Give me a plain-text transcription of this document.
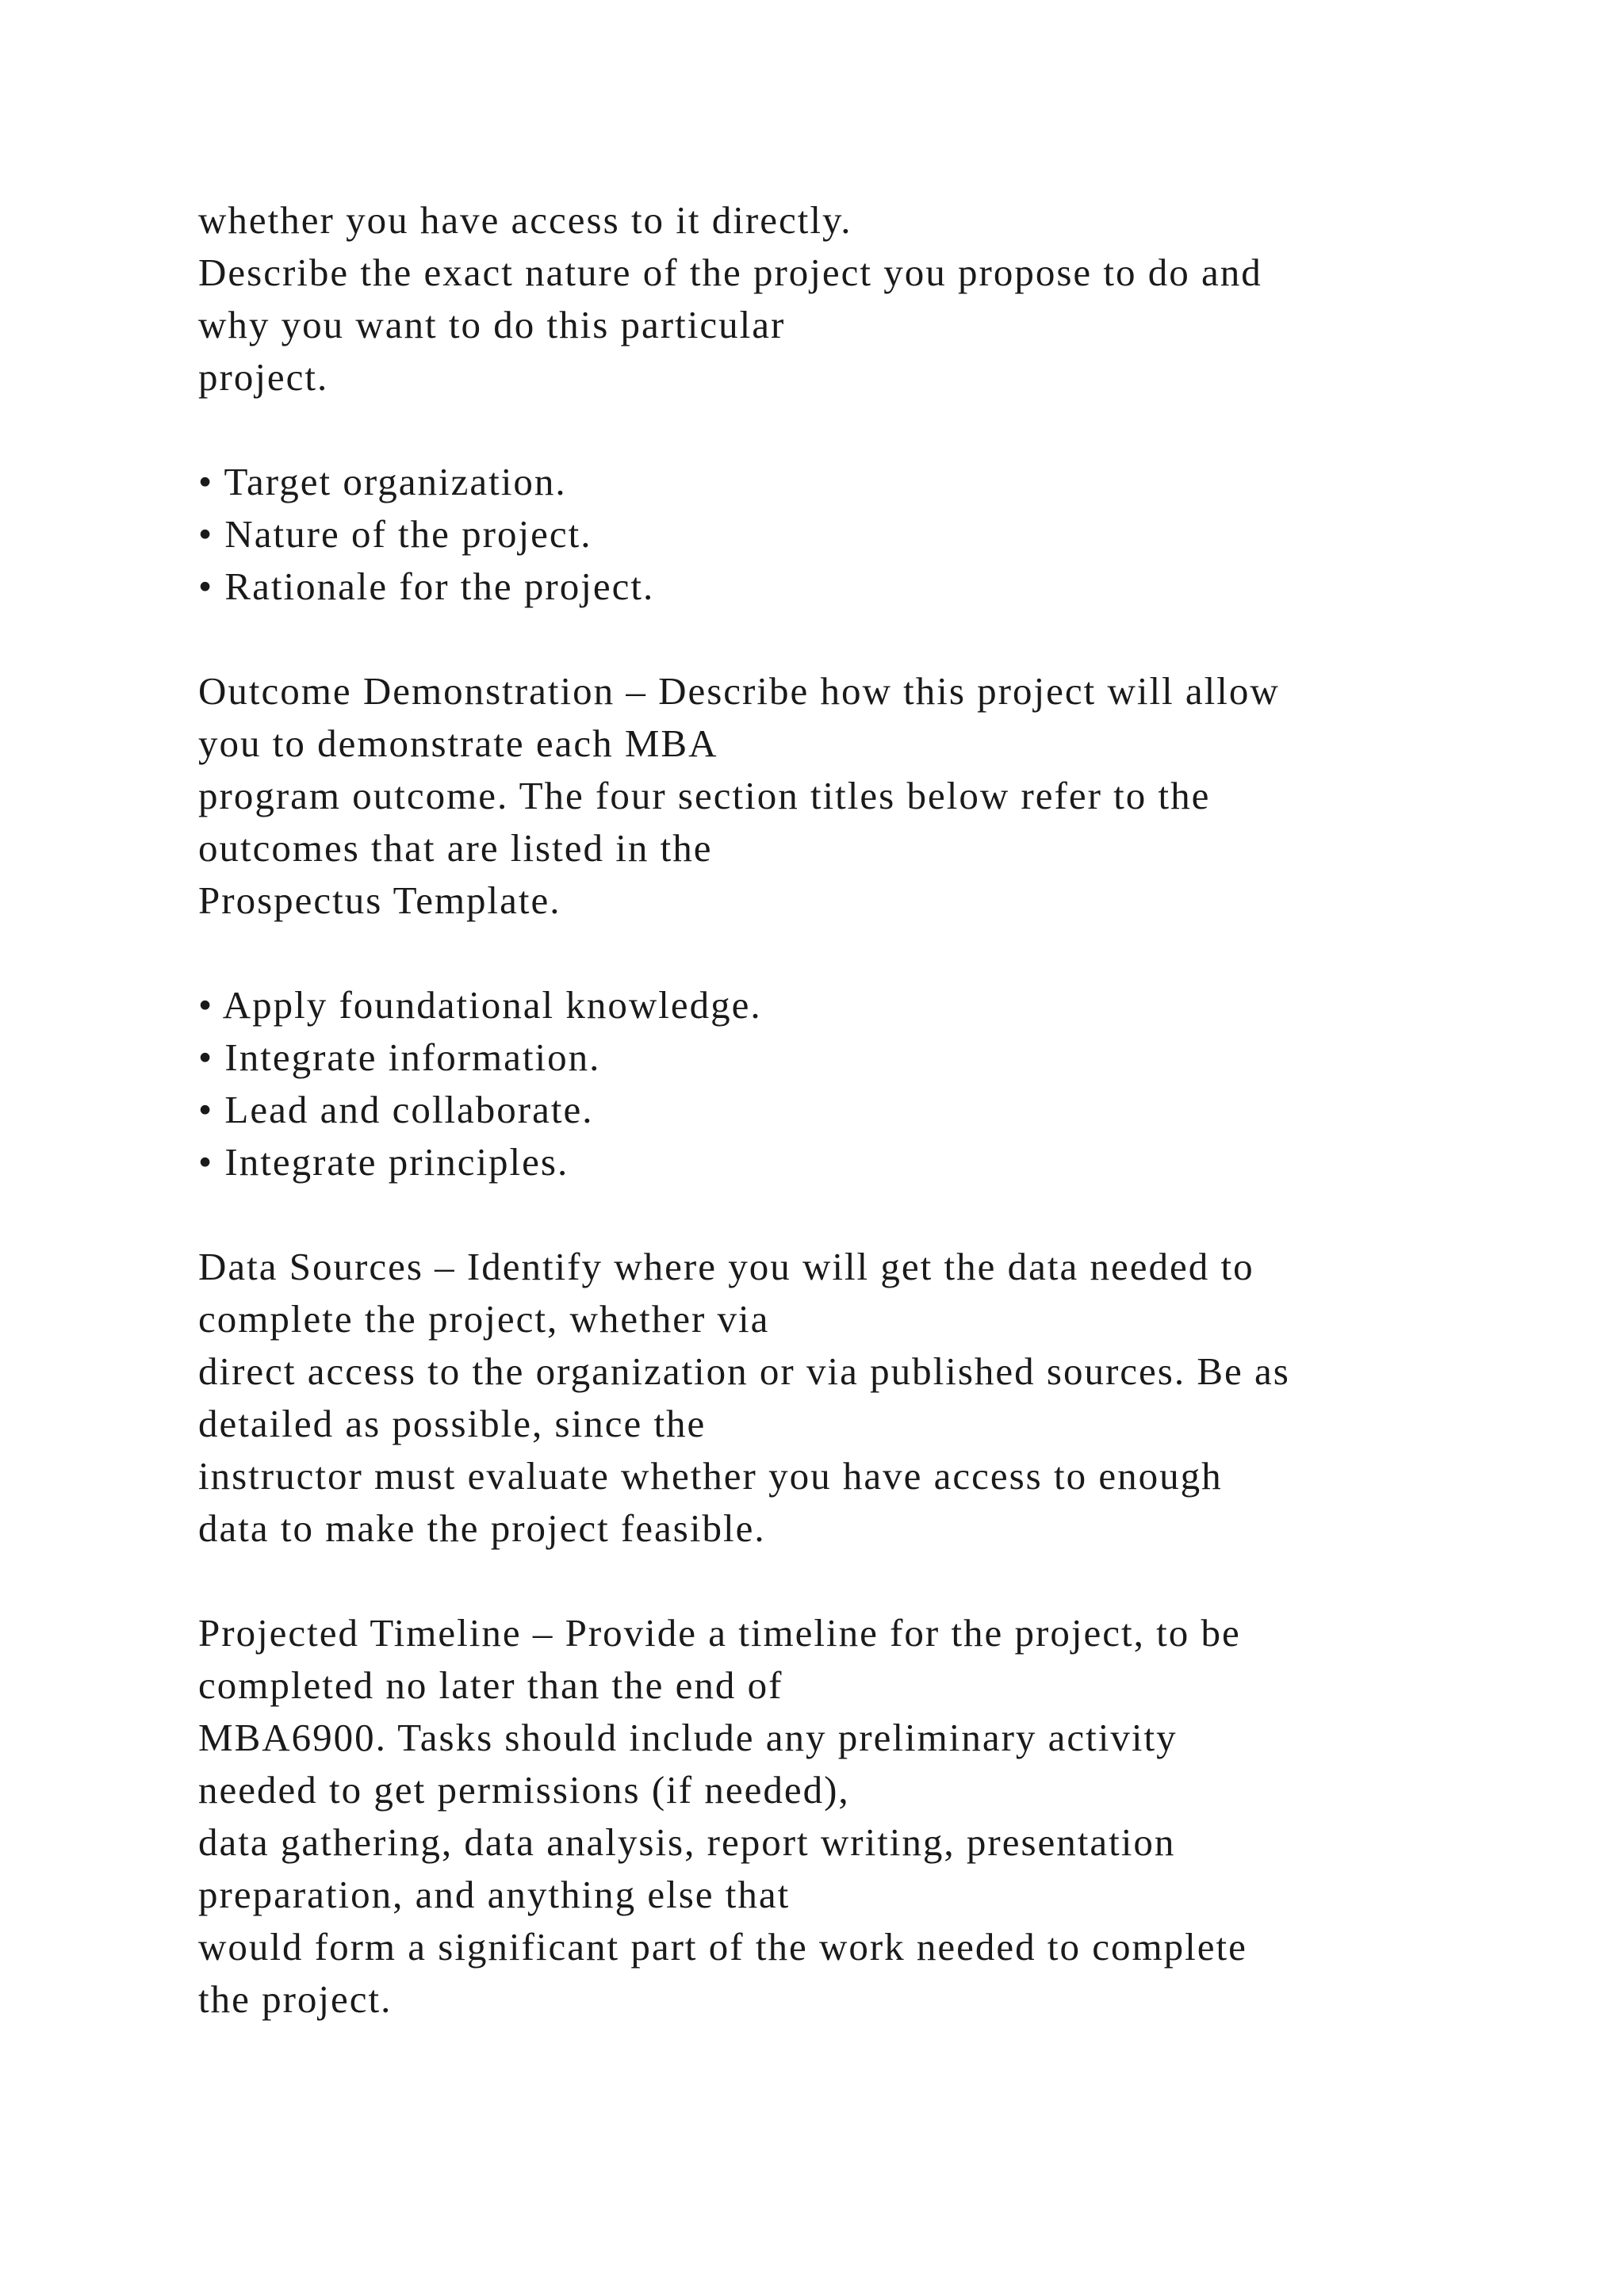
whether you have access to it directly.
Describe the exact nature of the project you propose to do and
why you want to do this particular
project.
• Target organization.
• Nature of the project.
• Rationale for the project.
Outcome Demonstration – Describe how this project will allow
you to demonstrate each MBA
program outcome. The four section titles below refer to the
outcomes that are listed in the
Prospectus Template.
• Apply foundational knowledge.
• Integrate information.
• Lead and collaborate.
• Integrate principles.
Data Sources – Identify where you will get the data needed to
complete the project, whether via
direct access to the organization or via published sources. Be as
detailed as possible, since the
instructor must evaluate whether you have access to enough
data to make the project feasible.
Projected Timeline – Provide a timeline for the project, to be
completed no later than the end of
MBA6900. Tasks should include any preliminary activity
needed to get permissions (if needed),
data gathering, data analysis, report writing, presentation
preparation, and anything else that
would form a significant part of the work needed to complete
the project.
